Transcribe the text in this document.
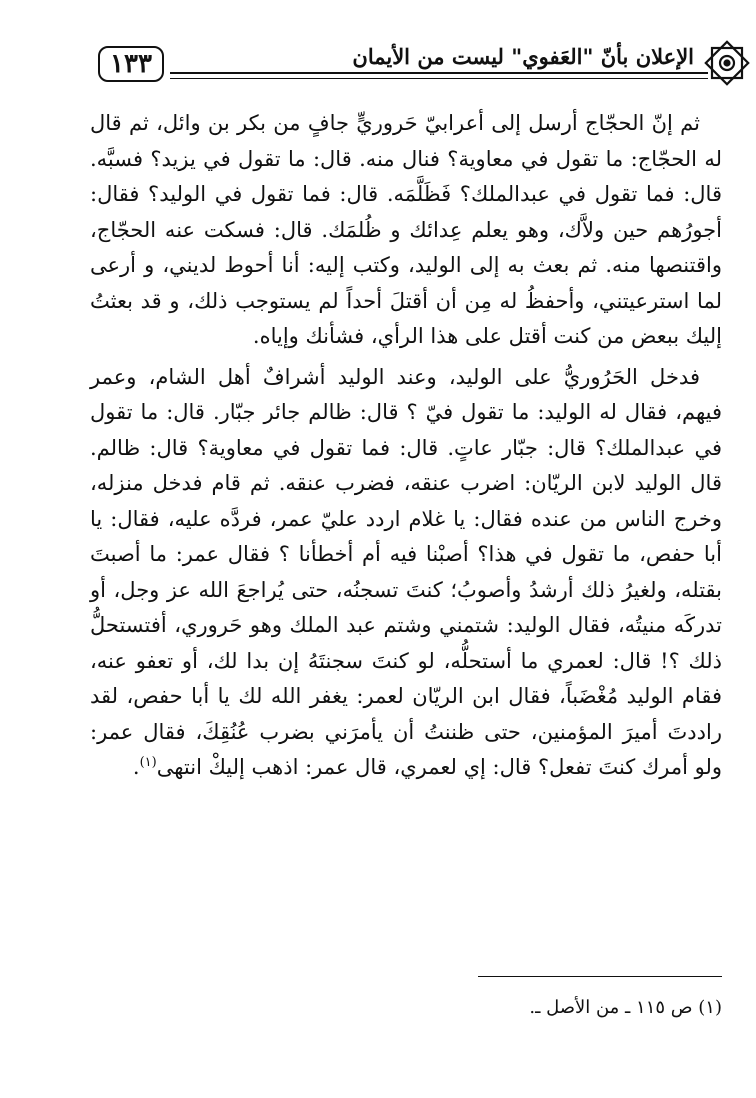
الإعلان بأنّ "العَفوي" ليست من الأيمان
١٣٣

ثم إنّ الحجّاج أرسل إلى أعرابيّ حَروريٍّ جافٍ من بكر بن وائل، ثم قال له الحجّاج: ما تقول في معاوية؟ فنال منه. قال: ما تقول في يزيد؟ فسبَّه. قال: فما تقول في عبدالملك؟ فَظَلَّمَه. قال: فما تقول في الوليد؟ فقال: أجورُهم حين ولاَّك، وهو يعلم عِدائك و ظُلمَك. قال: فسكت عنه الحجّاج، واقتنصها منه. ثم بعث به إلى الوليد، وكتب إليه: أنا أحوط لديني، و أرعى لما استرعيتني، وأحفظُ له مِن أن أقتلَ أحداً لم يستوجب ذلك، و قد بعثتُ إليك ببعض من كنت أقتل على هذا الرأي، فشأنك وإياه.

فدخل الحَرُوريُّ على الوليد، وعند الوليد أشرافٌ أهل الشام، وعمر فيهم، فقال له الوليد: ما تقول فيّ ؟ قال: ظالم جائر جبّار. قال: ما تقول في عبدالملك؟ قال: جبّار عاتٍ. قال: فما تقول في معاوية؟ قال: ظالم. قال الوليد لابن الريّان: اضرب عنقه، فضرب عنقه. ثم قام فدخل منزله، وخرج الناس من عنده فقال: يا غلام اردد عليّ عمر، فردَّه عليه، فقال: يا أبا حفص، ما تقول في هذا؟ أصبْنا فيه أم أخطأنا ؟ فقال عمر: ما أصبتَ بقتله، ولغيرُ ذلك أرشدُ وأصوبُ؛ كنتَ تسجنُه، حتى يُراجعَ الله عز وجل، أو تدركَه منيتُه، فقال الوليد: شتمني وشتم عبد الملك وهو حَروري، أفتستحلُّ ذلك ؟! قال: لعمري ما أستحلُّه، لو كنتَ سجنتَهُ إن بدا لك، أو تعفو عنه، فقام الوليد مُغْضَباً، فقال ابن الريّان لعمر: يغفر الله لك يا أبا حفص، لقد راددتَ أميرَ المؤمنين، حتى ظننتُ أن يأمرَني بضرب عُنُقِكَ، فقال عمر: ولو أمرك كنتَ تفعل؟ قال: إي لعمري، قال عمر: اذهب إليكْ انتهى$^{(١)}$.

(١) ص ١١٥ ـ من الأصل ـ.
